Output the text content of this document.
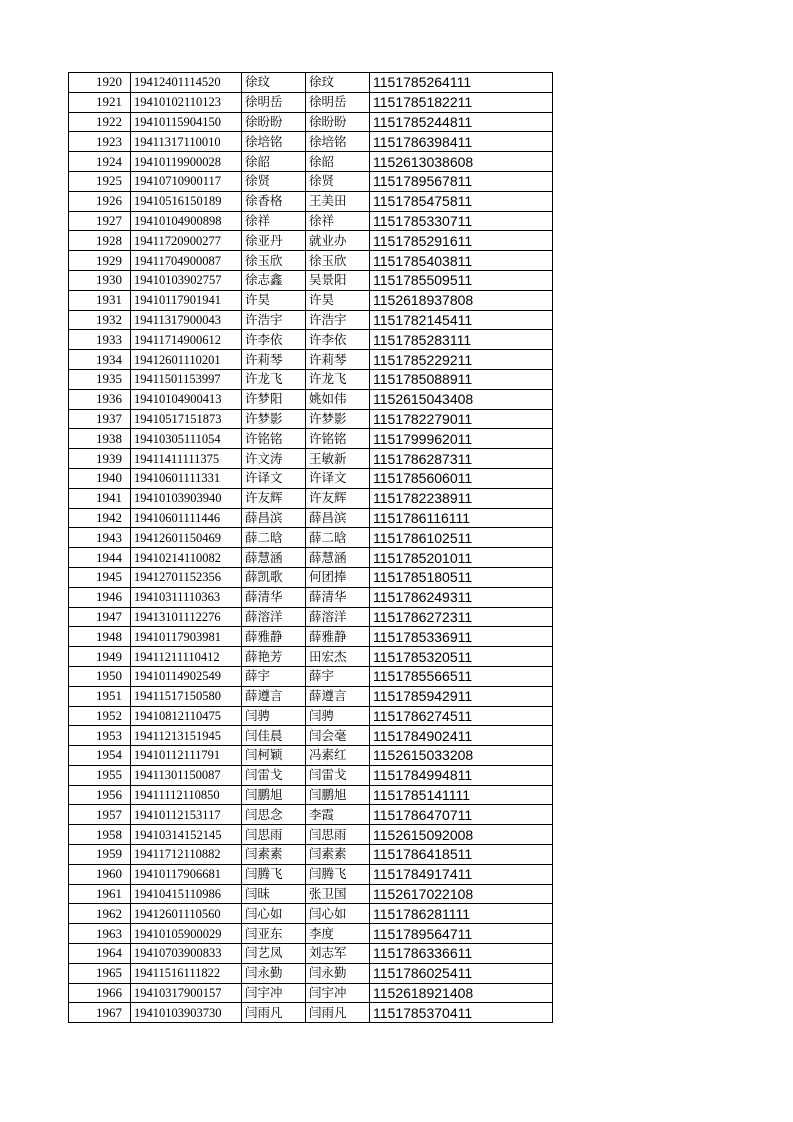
1920	19412401114520	徐玟	徐玟	1151785264111
1921	19410102110123	徐明岳	徐明岳	1151785182211
1922	19410115904150	徐盼盼	徐盼盼	1151785244811
1923	19411317110010	徐培铭	徐培铭	1151786398411
1924	19410119900028	徐韶	徐韶	1152613038608
1925	19410710900117	徐贤	徐贤	1151789567811
1926	19410516150189	徐香格	王美田	1151785475811
1927	19410104900898	徐祥	徐祥	1151785330711
1928	19411720900277	徐亚丹	就业办	1151785291611
1929	19411704900087	徐玉欣	徐玉欣	1151785403811
1930	19410103902757	徐志鑫	吴景阳	1151785509511
1931	19410117901941	许昊	许昊	1152618937808
1932	19411317900043	许浩宇	许浩宇	1151782145411
1933	19411714900612	许李依	许李依	1151785283111
1934	19412601110201	许莉琴	许莉琴	1151785229211
1935	19411501153997	许龙飞	许龙飞	1151785088911
1936	19410104900413	许梦阳	姚如伟	1152615043408
1937	19410517151873	许梦影	许梦影	1151782279011
1938	19410305111054	许铭铭	许铭铭	1151799962011
1939	19411411111375	许文涛	王敏新	1151786287311
1940	19410601111331	许译文	许译文	1151785606011
1941	19410103903940	许友辉	许友辉	1151782238911
1942	19410601111446	薛昌滨	薛昌滨	1151786116111
1943	19412601150469	薛二晗	薛二晗	1151786102511
1944	19410214110082	薛慧涵	薛慧涵	1151785201011
1945	19412701152356	薛凯歌	何团捧	1151785180511
1946	19410311110363	薛清华	薛清华	1151786249311
1947	19413101112276	薛溶洋	薛溶洋	1151786272311
1948	19410117903981	薛雅静	薛雅静	1151785336911
1949	19411211110412	薛艳芳	田宏杰	1151785320511
1950	19410114902549	薛宇	薛宇	1151785566511
1951	19411517150580	薛遵言	薛遵言	1151785942911
1952	19410812110475	闫骋	闫骋	1151786274511
1953	19411213151945	闫佳晨	闫会毫	1151784902411
1954	19410112111791	闫柯颖	冯素红	1152615033208
1955	19411301150087	闫雷戈	闫雷戈	1151784994811
1956	19411112110850	闫鹏旭	闫鹏旭	1151785141111
1957	19410112153117	闫思念	李霞	1151786470711
1958	19410314152145	闫思雨	闫思雨	1152615092008
1959	19411712110882	闫素素	闫素素	1151786418511
1960	19410117906681	闫腾飞	闫腾飞	1151784917411
1961	19410415110986	闫昧	张卫国	1152617022108
1962	19412601110560	闫心如	闫心如	1151786281111
1963	19410105900029	闫亚东	李度	1151789564711
1964	19410703900833	闫艺凤	刘志军	1151786336611
1965	19411516111822	闫永勤	闫永勤	1151786025411
1966	19410317900157	闫宇冲	闫宇冲	1152618921408
1967	19410103903730	闫雨凡	闫雨凡	1151785370411
